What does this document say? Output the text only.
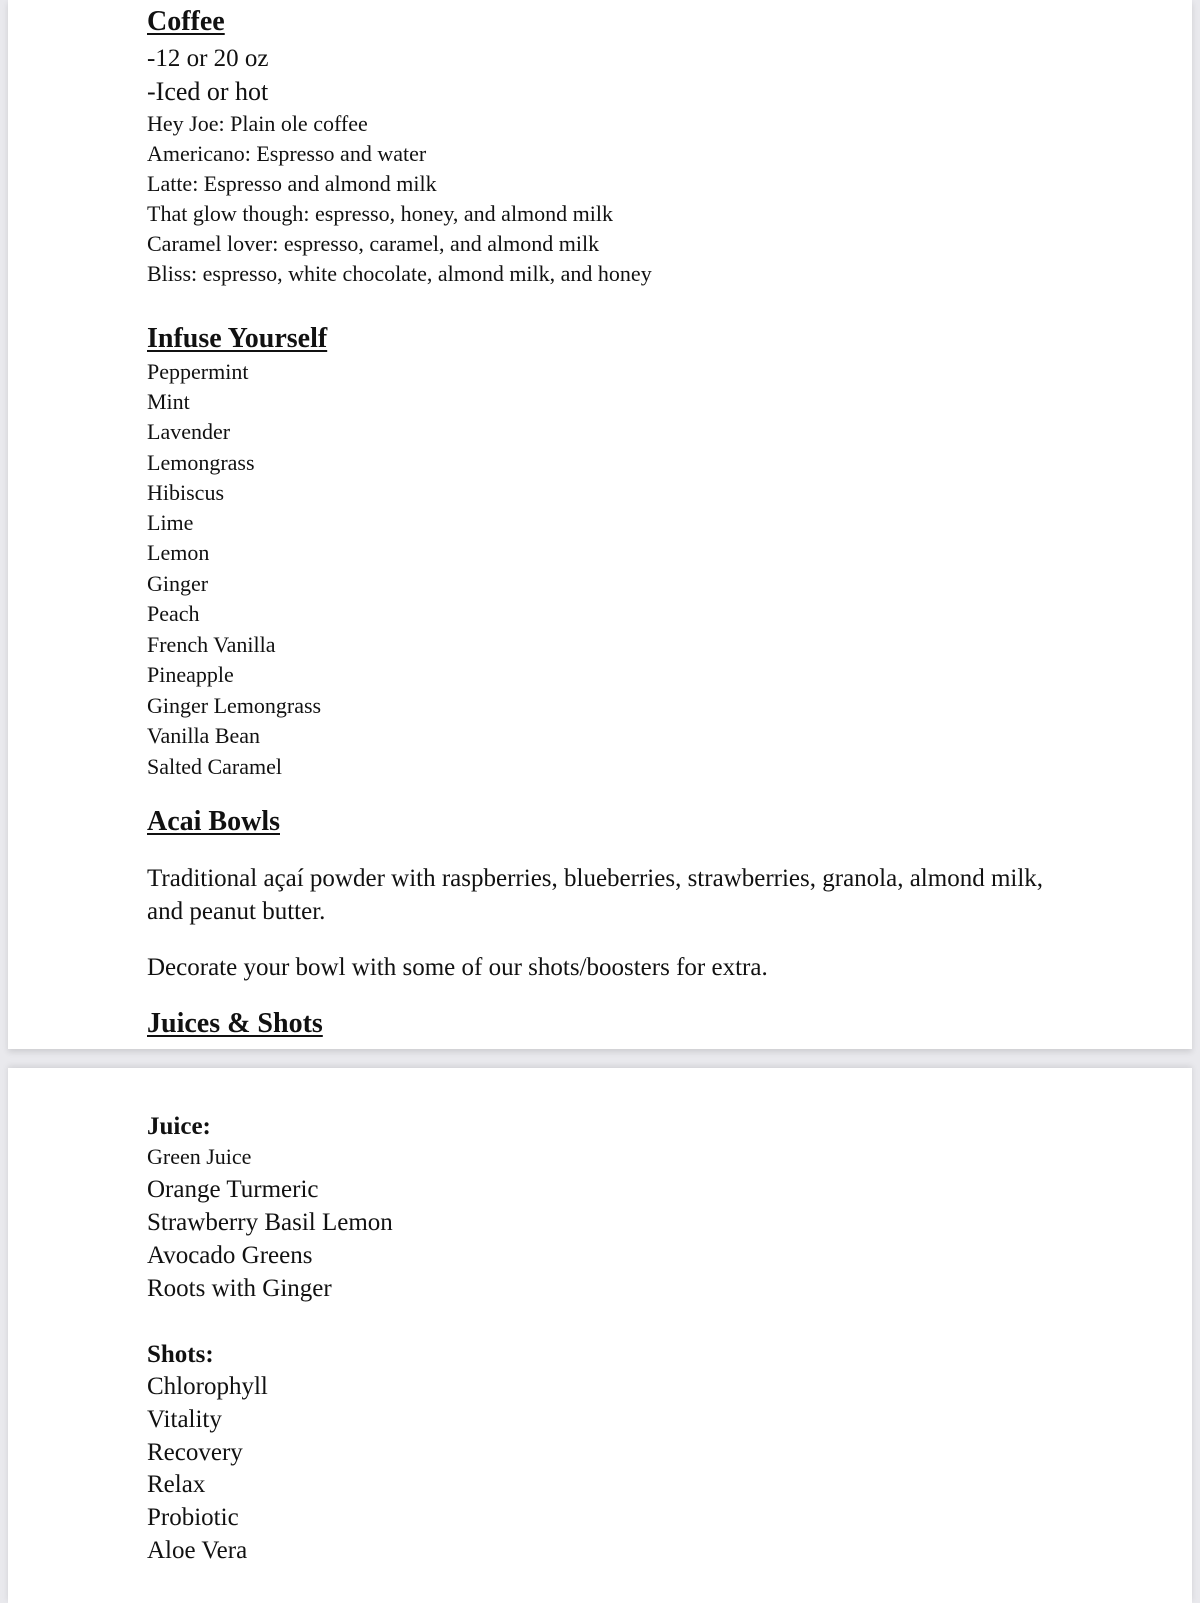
Coffee

-12 or 20 oz

-Iced or hot

Hey Joe: Plain ole coffee

Americano: Espresso and water

Latte: Espresso and almond milk

That glow though: espresso, honey, and almond milk

Caramel lover: espresso, caramel, and almond milk

Bliss: espresso, white chocolate, almond milk, and honey

Infuse Yourself

Peppermint

Mint

Lavender

Lemongrass

Hibiscus

Lime

Lemon

Ginger

Peach

French Vanilla

Pineapple

Ginger Lemongrass

Vanilla Bean

Salted Caramel

Acai Bowls

Traditional açaí powder with raspberries, blueberries, strawberries, granola, almond milk, and peanut butter.

Decorate your bowl with some of our shots/boosters for extra.

Juices & Shots

Juice:

Green Juice

Orange Turmeric

Strawberry Basil Lemon

Avocado Greens

Roots with Ginger

Shots:

Chlorophyll

Vitality

Recovery

Relax

Probiotic

Aloe Vera
